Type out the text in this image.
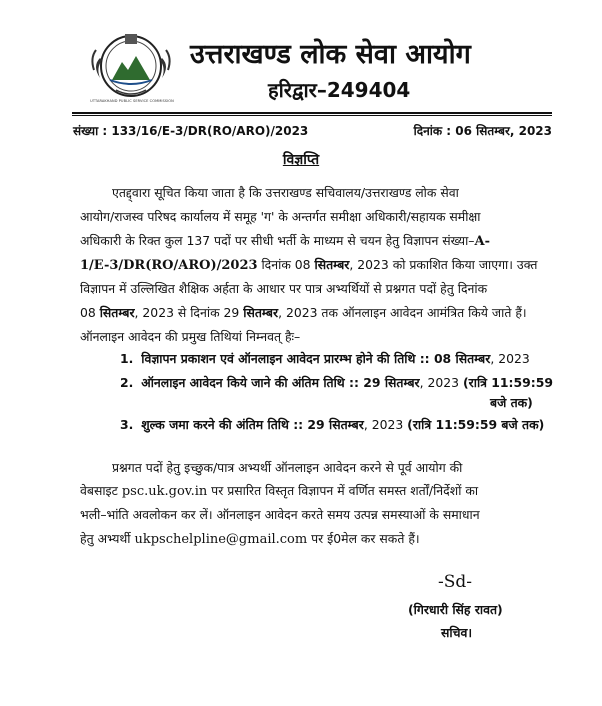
UTTARAKHAND PUBLIC SERVICE COMMISSION
उत्तराखण्ड लोक सेवा आयोग
हरिद्वार–249404
संख्या : 133/16/E-3/DR(RO/ARO)/2023	दिनांक : 06 सितम्बर, 2023
विज्ञप्ति
एतद्द्वारा सूचित किया जाता है कि उत्तराखण्ड सचिवालय/उत्तराखण्ड लोक सेवा
आयोग/राजस्व परिषद कार्यालय में समूह 'ग' के अन्तर्गत समीक्षा अधिकारी/सहायक समीक्षा
अधिकारी के रिक्त कुल 137 पदों पर सीधी भर्ती के माध्यम से चयन हेतु विज्ञापन संख्या–A-
1/E-3/DR(RO/ARO)/2023 दिनांक 08 सितम्बर, 2023 को प्रकाशित किया जाएगा। उक्त
विज्ञापन में उल्लिखित शैक्षिक अर्हता के आधार पर पात्र अभ्यर्थियों से प्रश्नगत पदों हेतु दिनांक
08 सितम्बर, 2023 से दिनांक 29 सितम्बर, 2023 तक ऑनलाइन आवेदन आमंत्रित किये जाते हैं।
ऑनलाइन आवेदन की प्रमुख तिथियां निम्नवत् हैः–
1. विज्ञापन प्रकाशन एवं ऑनलाइन आवेदन प्रारम्भ होने की तिथि :: 08 सितम्बर, 2023
2. ऑनलाइन आवेदन किये जाने की अंतिम तिथि :: 29 सितम्बर, 2023 (रात्रि 11:59:59
बजे तक)
3. शुल्क जमा करने की अंतिम तिथि :: 29 सितम्बर, 2023 (रात्रि 11:59:59 बजे तक)
प्रश्नगत पदों हेतु इच्छुक/पात्र अभ्यर्थी ऑनलाइन आवेदन करने से पूर्व आयोग की
वेबसाइट psc.uk.gov.in पर प्रसारित विस्तृत विज्ञापन में वर्णित समस्त शर्तों/निर्देशों का
भली–भांति अवलोकन कर लें। ऑनलाइन आवेदन करते समय उत्पन्न समस्याओं के समाधान
हेतु अभ्यर्थी ukpschelpline@gmail.com पर ई0मेल कर सकते हैं।
-Sd-
(गिरधारी सिंह रावत)
सचिव।
